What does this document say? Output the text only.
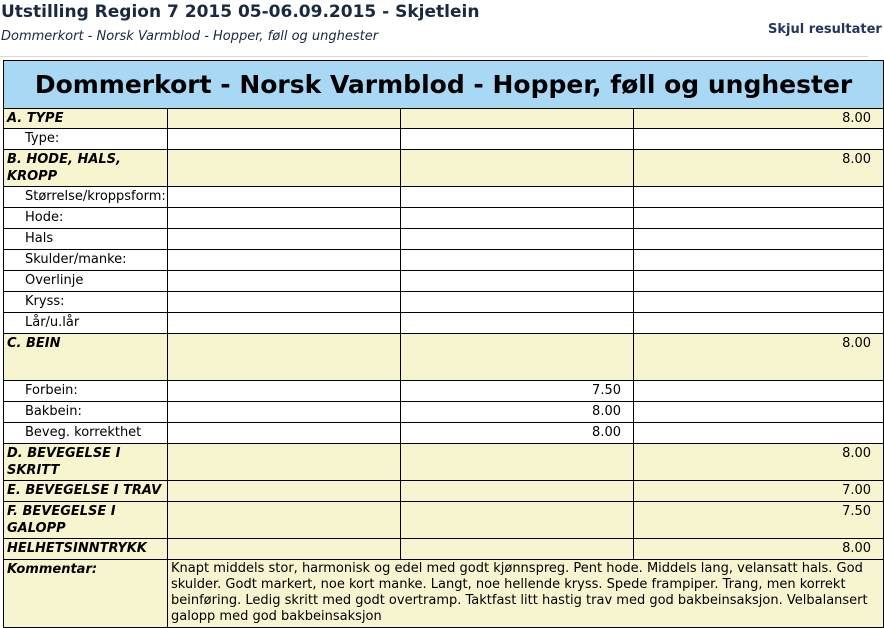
Utstilling Region 7 2015 05-06.09.2015 - Skjetlein
Dommerkort - Norsk Varmblod - Hopper, føll og unghester	Skjul resultater
Dommerkort - Norsk Varmblod - Hopper, føll og unghester			
A. TYPE			8.00
Type:			
B. HODE, HALS, KROPP			8.00
Størrelse/kroppsform:			
Hode:			
Hals			
Skulder/manke:			
Overlinje			
Kryss:			
Lår/u.lår			
C. BEIN			8.00
Forbein:		7.50	
Bakbein:		8.00	
Beveg. korrekthet		8.00	
D. BEVEGELSE I SKRITT			8.00
E. BEVEGELSE I TRAV			7.00
F. BEVEGELSE I GALOPP			7.50
HELHETSINNTRYKK			8.00
Kommentar:	Knapt middels stor, harmonisk og edel med godt kjønnspreg. Pent hode. Middels lang, velansatt hals. God skulder. Godt markert, noe kort manke. Langt, noe hellende kryss. Spede frampiper. Trang, men korrekt beinføring. Ledig skritt med godt overtramp. Taktfast litt hastig trav med god bakbeinsaksjon. Velbalansert galopp med god bakbeinsaksjon		
